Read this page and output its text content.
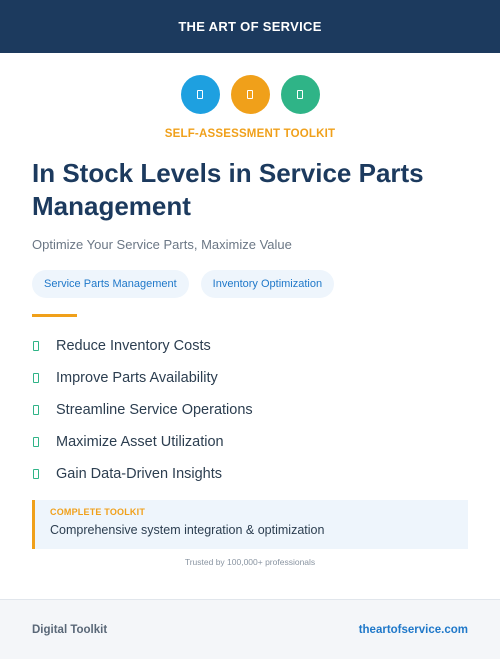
THE ART OF SERVICE
SELF-ASSESSMENT TOOLKIT
In Stock Levels in Service Parts Management
Optimize Your Service Parts, Maximize Value
Service Parts Management	Inventory Optimization
Reduce Inventory Costs
Improve Parts Availability
Streamline Service Operations
Maximize Asset Utilization
Gain Data-Driven Insights
COMPLETE TOOLKIT
Comprehensive system integration & optimization
Trusted by 100,000+ professionals
Digital Toolkit	theartofservice.com
